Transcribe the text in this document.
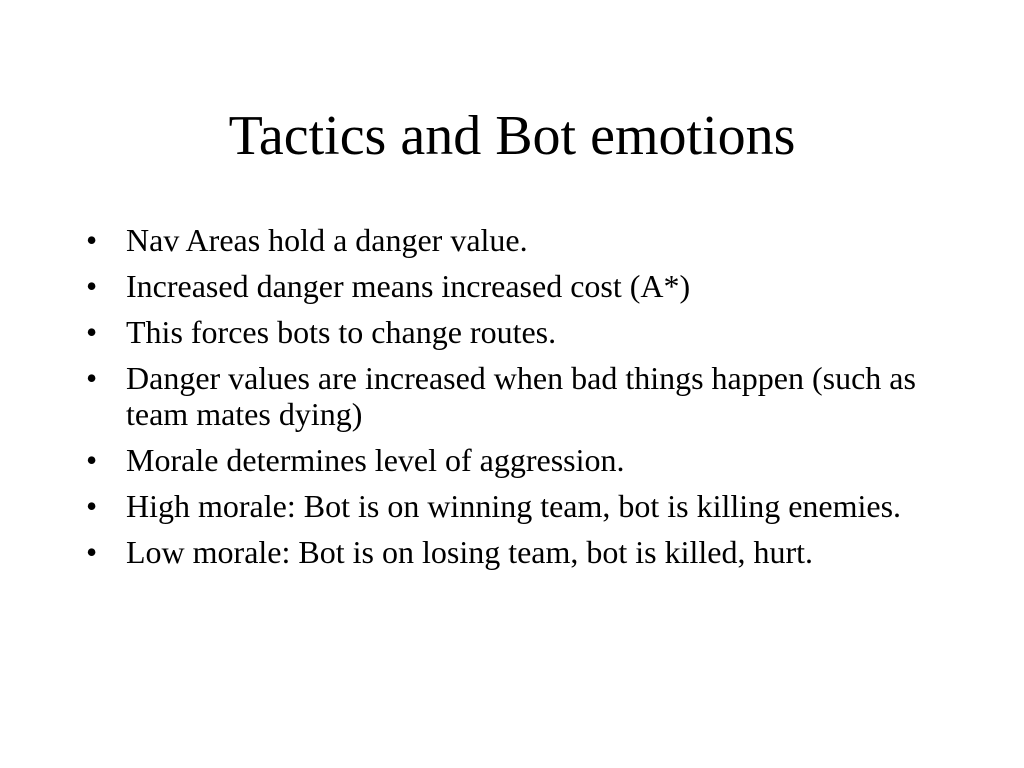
Tactics and Bot emotions
• Nav Areas hold a danger value.
• Increased danger means increased cost (A*)
• This forces bots to change routes.
• Danger values are increased when bad things happen (such as team mates dying)
• Morale determines level of aggression.
• High morale: Bot is on winning team, bot is killing enemies.
• Low morale: Bot is on losing team, bot is killed, hurt.
